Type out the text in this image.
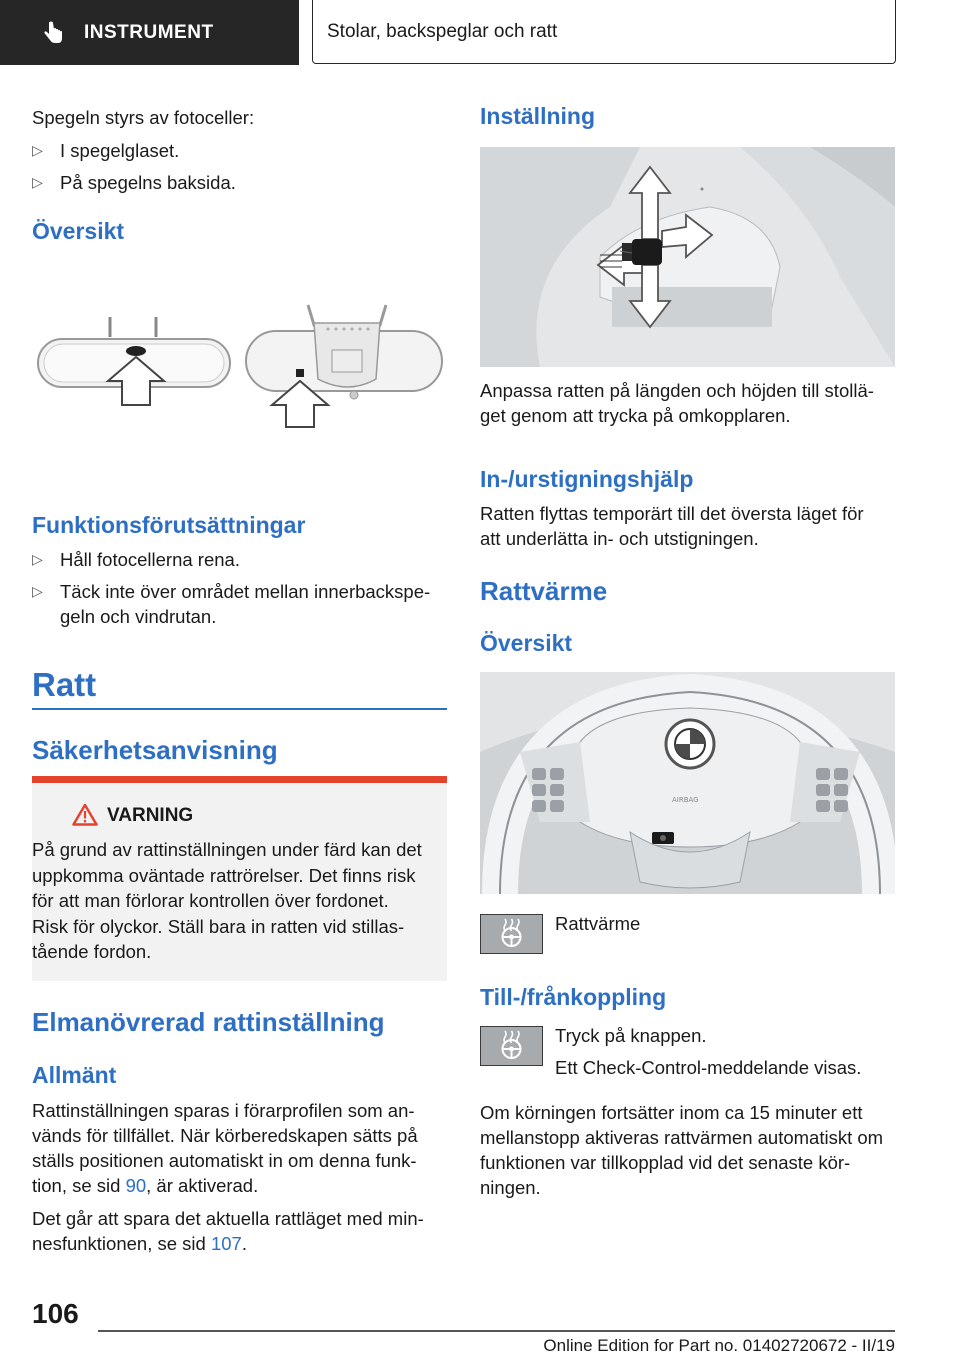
INSTRUMENT	Stolar, backspeglar och ratt

Spegeln styrs av fotoceller:

▷ I spegelglaset.
▷ På spegelns baksida.
Översikt
Funktionsförutsättningar
▷ Håll fotocellerna rena.
▷ Täck inte över området mellan innerbackspe-
geln och vindrutan.
Ratt
Säkerhetsanvisning
VARNING
På grund av rattinställningen under färd kan det
uppkomma oväntade rattrörelser. Det finns risk
för att man förlorar kontrollen över fordonet.
Risk för olyckor. Ställ bara in ratten vid stillas-
tående fordon.
Elmanövrerad rattinställning
Allmänt
Rattinställningen sparas i förarprofilen som an-
vänds för tillfället. När körberedskapen sätts på
ställs positionen automatiskt in om denna funk-
tion, se sid 90, är aktiverad.
Det går att spara det aktuella rattläget med min-
nesfunktionen, se sid 107.
Inställning
Anpassa ratten på längden och höjden till stollä-
get genom att trycka på omkopplaren.
In-/urstigningshjälp
Ratten flyttas temporärt till det översta läget för
att underlätta in- och utstigningen.
Rattvärme
Översikt
AIRBAG
Rattvärme
Till-/frånkoppling
Tryck på knappen.
Ett Check-Control-meddelande visas.
Om körningen fortsätter inom ca 15 minuter ett
mellanstopp aktiveras rattvärmen automatiskt om
funktionen var tillkopplad vid det senaste kör-
ningen.
106
Online Edition for Part no. 01402720672 - II/19
